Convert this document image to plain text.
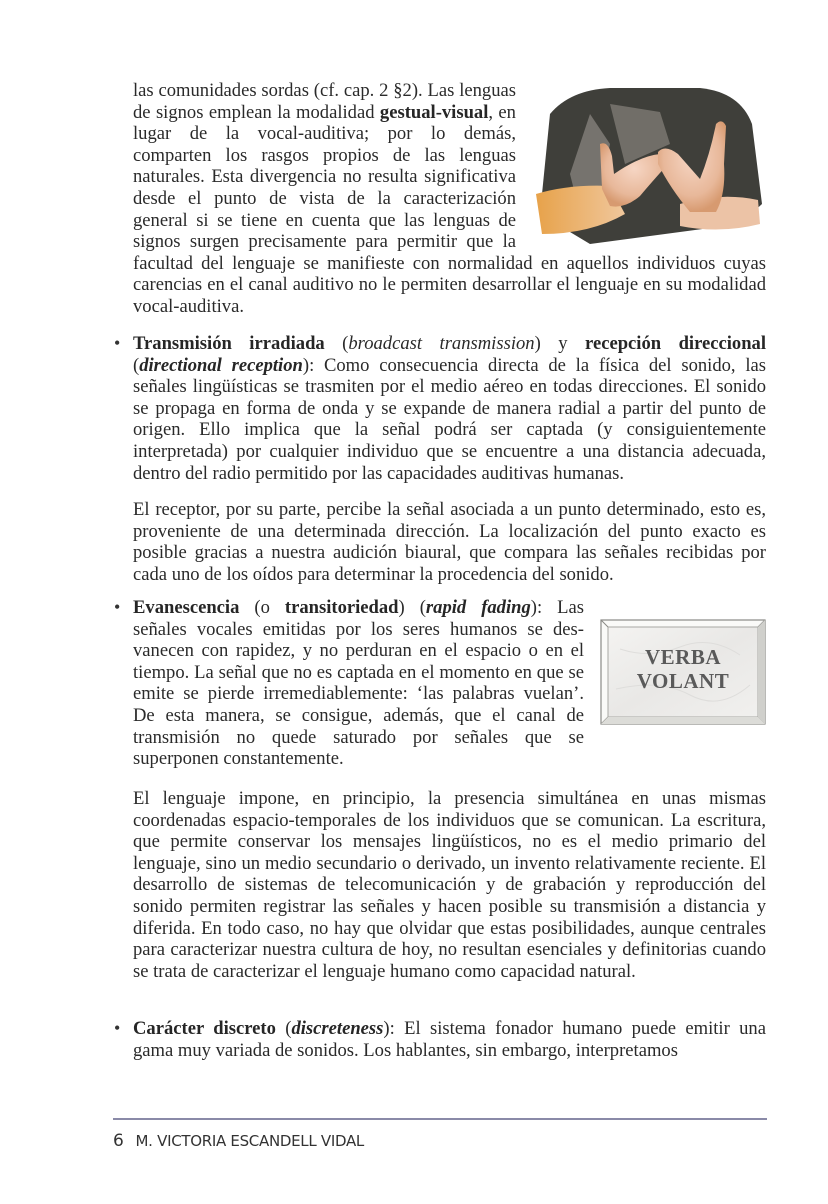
las comunidades sordas (cf. cap. 2 §2). Las lenguas de signos emplean la modalidad gestual-visual, en lugar de la vocal-auditiva; por lo demás, comparten los rasgos propios de las lenguas naturales. Esta divergencia no resulta significativa desde el punto de vista de la caracterización general si se tiene en cuenta que las lenguas de signos surgen precisamente para permitir que la facultad del lenguaje se manifieste con normalidad en aquellos individuos cuyas carencias en el canal auditivo no le permiten desarrollar el lenguaje en su modalidad vocal-auditiva.
• Transmisión irradiada (broadcast transmission) y recepción direccional (directional reception): Como consecuencia directa de la física del sonido, las señales lingüísticas se trasmiten por el medio aéreo en todas direcciones. El sonido se propaga en forma de onda y se expande de manera radial a partir del punto de origen. Ello implica que la señal podrá ser captada (y consiguientemente interpretada) por cualquier individuo que se encuentre a una distancia adecuada, dentro del radio permitido por las capacidades auditivas humanas.
El receptor, por su parte, percibe la señal asociada a un punto determinado, esto es, proveniente de una determinada dirección. La localización del punto exacto es posible gracias a nuestra audición biaural, que compara las señales recibidas por cada uno de los oídos para determinar la procedencia del sonido.
•
VERBA
VOLANT
Evanescencia (o transitoriedad) (rapid fading): Las señales vocales emitidas por los seres humanos se desvanecen con rapidez, y no perduran en el espacio o en el tiempo. La señal que no es captada en el momento en que se emite se pierde irremediablemente: ‘las palabras vuelan’. De esta manera, se consigue, además, que el canal de transmisión no quede saturado por señales que se superponen constantemente.
El lenguaje impone, en principio, la presencia simultánea en unas mismas coordenadas espacio-temporales de los individuos que se comunican. La escritura, que permite conservar los mensajes lingüísticos, no es el medio primario del lenguaje, sino un medio secundario o derivado, un invento relativamente reciente. El desarrollo de sistemas de telecomunicación y de grabación y reproducción del sonido permiten registrar las señales y hacen posible su transmisión a distancia y diferida. En todo caso, no hay que olvidar que estas posibilidades, aunque centrales para caracterizar nuestra cultura de hoy, no resultan esenciales y definitorias cuando se trata de caracterizar el lenguaje humano como capacidad natural.
• Carácter discreto (discreteness): El sistema fonador humano puede emitir una gama muy variada de sonidos. Los hablantes, sin embargo, interpretamos
6 M. VICTORIA ESCANDELL VIDAL
